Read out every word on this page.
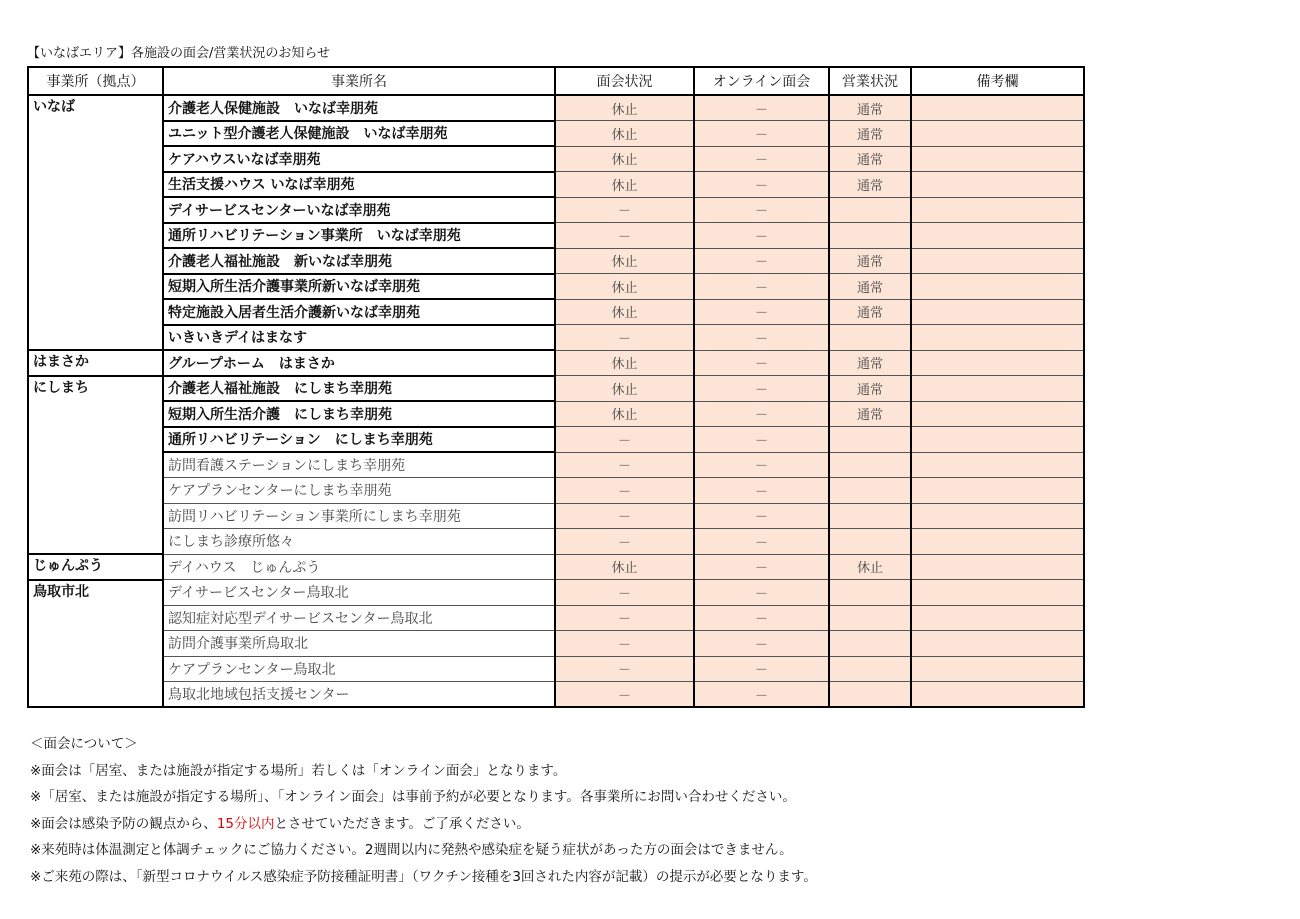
【いなばエリア】各施設の面会/営業状況のお知らせ
事業所（拠点）	事業所名	面会状況	オンライン面会	営業状況	備考欄
いなば	介護老人保健施設　いなば幸朋苑	休止	－	通常	
	ユニット型介護老人保健施設　いなば幸朋苑	休止	－	通常	
	ケアハウスいなば幸朋苑	休止	－	通常	
	生活支援ハウス いなば幸朋苑	休止	－	通常	
	デイサービスセンターいなば幸朋苑	－	－		
	通所リハビリテーション事業所　いなば幸朋苑	－	－		
	介護老人福祉施設　新いなば幸朋苑	休止	－	通常	
	短期入所生活介護事業所新いなば幸朋苑	休止	－	通常	
	特定施設入居者生活介護新いなば幸朋苑	休止	－	通常	
	いきいきデイはまなす	－	－		
はまさか	グループホーム　はまさか	休止	－	通常	
にしまち	介護老人福祉施設　にしまち幸朋苑	休止	－	通常	
	短期入所生活介護　にしまち幸朋苑	休止	－	通常	
	通所リハビリテーション　にしまち幸朋苑	－	－		
	訪問看護ステーションにしまち幸朋苑	－	－		
	ケアプランセンターにしまち幸朋苑	－	－		
	訪問リハビリテーション事業所にしまち幸朋苑	－	－		
	にしまち診療所悠々	－	－		
じゅんぷう	デイハウス　じゅんぷう	休止	－	休止	
鳥取市北	デイサービスセンター鳥取北	－	－		
	認知症対応型デイサービスセンター鳥取北	－	－		
	訪問介護事業所鳥取北	－	－		
	ケアプランセンター鳥取北	－	－		
	鳥取北地域包括支援センター	－	－		
＜面会について＞
※面会は「居室、または施設が指定する場所」若しくは「オンライン面会」となります。
※「居室、または施設が指定する場所」、「オンライン面会」は事前予約が必要となります。各事業所にお問い合わせください。
※面会は感染予防の観点から、15分以内とさせていただきます。ご了承ください。
※来苑時は体温測定と体調チェックにご協力ください。2週間以内に発熱や感染症を疑う症状があった方の面会はできません。
※ご来苑の際は、「新型コロナウイルス感染症予防接種証明書」（ワクチン接種を3回された内容が記載）の提示が必要となります。
